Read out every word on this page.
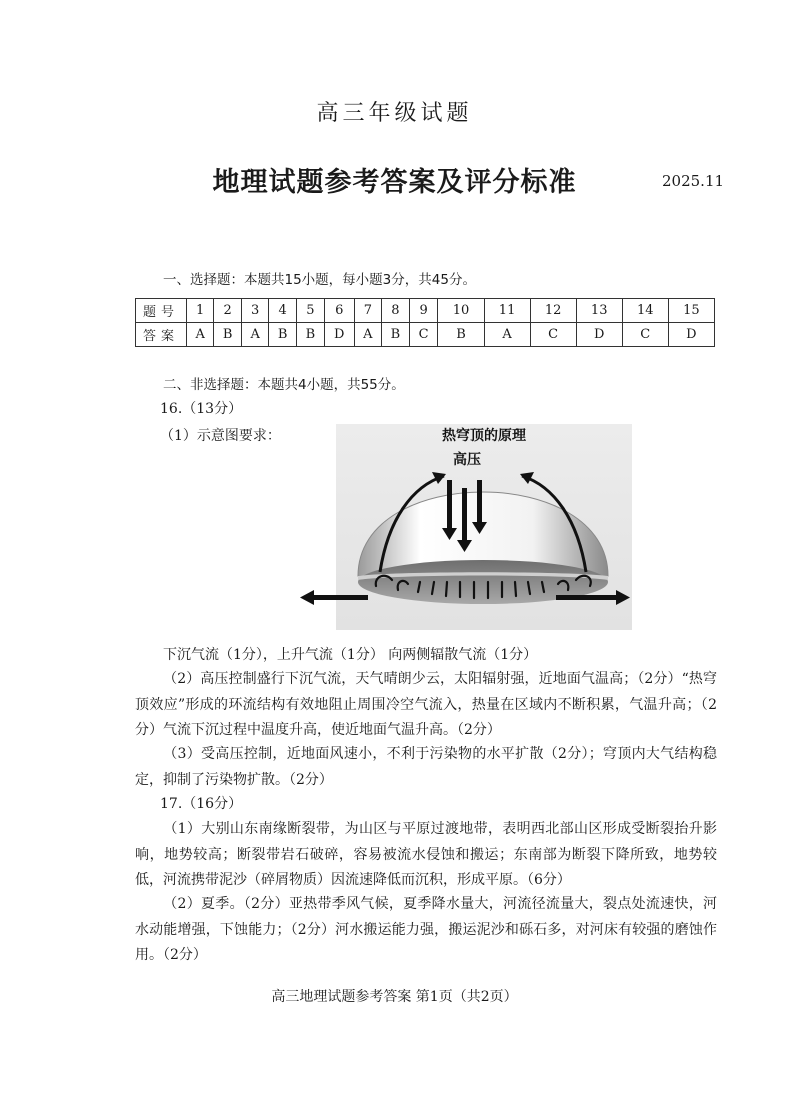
高三年级试题
地理试题参考答案及评分标准	2025.11
一、选择题：本题共15小题，每小题3分，共45分。
题号	1	2	3	4	5	6	7	8	9	10	11	12	13	14	15
答案	A	B	A	B	B	D	A	B	C	B	A	C	D	C	D
二、非选择题：本题共4小题，共55分。
16.（13分）
（1）示意图要求：	热穹顶的原理
高压
下沉气流（1分），上升气流（1分） 向两侧辐散气流（1分）
（2）高压控制盛行下沉气流，天气晴朗少云，太阳辐射强，近地面气温高；（2分）“热穹顶效应”形成的环流结构有效地阻止周围冷空气流入，热量在区域内不断积累，气温升高；（2分）气流下沉过程中温度升高，使近地面气温升高。（2分）
（3）受高压控制，近地面风速小，不利于污染物的水平扩散（2分）；穹顶内大气结构稳定，抑制了污染物扩散。（2分）
17.（16分）
（1）大别山东南缘断裂带，为山区与平原过渡地带，表明西北部山区形成受断裂抬升影响，地势较高；断裂带岩石破碎，容易被流水侵蚀和搬运；东南部为断裂下降所致，地势较低，河流携带泥沙（碎屑物质）因流速降低而沉积，形成平原。（6分）
（2）夏季。（2分）亚热带季风气候，夏季降水量大，河流径流量大，裂点处流速快，河水动能增强，下蚀能力；（2分）河水搬运能力强，搬运泥沙和砾石多，对河床有较强的磨蚀作用。（2分）
高三地理试题参考答案 第1页（共2页）
